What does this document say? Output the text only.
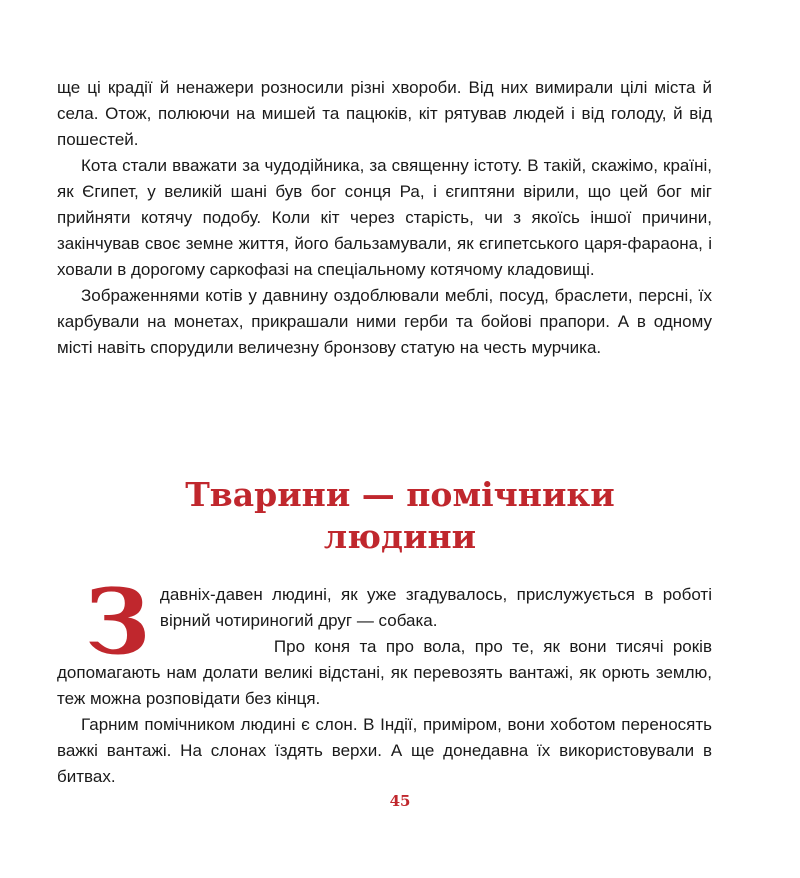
ще ці крадії й ненажери розносили різні хвороби. Від них вимирали цілі міста й села. Отож, полюючи на мишей та пацюків, кіт рятував людей і від голоду, й від пошестей.

Кота стали вважати за чудодійника, за священну істоту. В такій, скажімо, країні, як Єгипет, у великій шані був бог сонця Ра, і єгиптяни вірили, що цей бог міг прийняти котячу подобу. Коли кіт через старість, чи з якоїсь іншої причини, закінчував своє земне життя, його бальзамували, як єгипетського царя-фараона, і ховали в дорогому саркофазі на спеціальному котячому кладовищі.

Зображеннями котів у давнину оздоблювали меблі, посуд, браслети, персні, їх карбували на монетах, прикрашали ними герби та бойові прапори. А в одному місті навіть спорудили величезну бронзову статую на честь мурчика.

Тварини — помічники
людини

Здавніх-давен людині, як уже згадувалось, прислужується в роботі вірний чотириногий друг — собака.

Про коня та про вола, про те, як вони тисячі років допомагають нам долати великі відстані, як перевозять вантажі, як орють землю, теж можна розповідати без кінця.

Гарним помічником людині є слон. В Індії, приміром, вони хоботом переносять важкі вантажі. На слонах їздять верхи. А ще донедавна їх використовували в битвах.

45
